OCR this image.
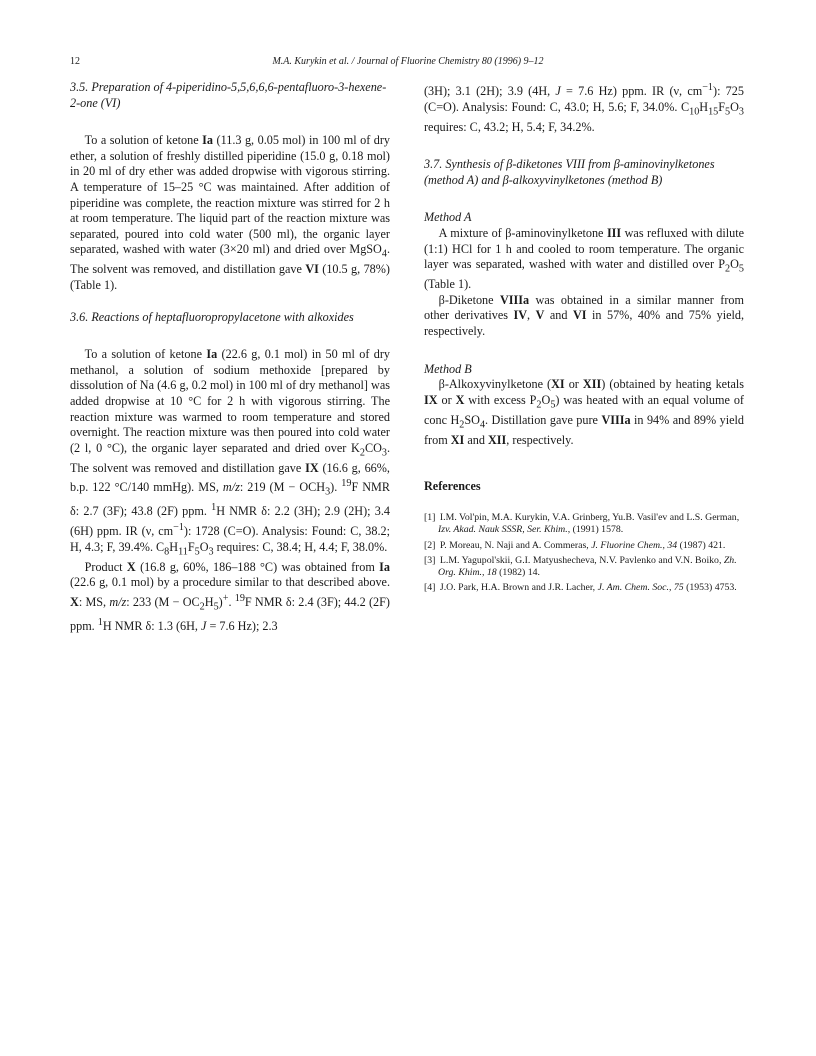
12	M.A. Kurykin et al. / Journal of Fluorine Chemistry 80 (1996) 9–12
3.5. Preparation of 4-piperidino-5,5,6,6,6-pentafluoro-3-hexene-2-one (VI)

To a solution of ketone Ia (11.3 g, 0.05 mol) in 100 ml of dry ether, a solution of freshly distilled piperidine (15.0 g, 0.18 mol) in 20 ml of dry ether was added dropwise with vigorous stirring. A temperature of 15–25 °C was maintained. After addition of piperidine was complete, the reaction mixture was stirred for 2 h at room temperature. The liquid part of the reaction mixture was separated, poured into cold water (500 ml), the organic layer separated, washed with water (3×20 ml) and dried over MgSO$_4$. The solvent was removed, and distillation gave VI (10.5 g, 78%) (Table 1).

3.6. Reactions of heptafluoropropylacetone with alkoxides

To a solution of ketone Ia (22.6 g, 0.1 mol) in 50 ml of dry methanol, a solution of sodium methoxide [prepared by dissolution of Na (4.6 g, 0.2 mol) in 100 ml of dry methanol] was added dropwise at 10 °C for 2 h with vigorous stirring. The reaction mixture was warmed to room temperature and stored overnight. The reaction mixture was then poured into cold water (2 l, 0 °C), the organic layer separated and dried over $K_2CO_3$. The solvent was removed and distillation gave IX (16.6 g, 66%, b.p. 122 °C/140 mmHg). MS, m/z: 219 $(M - OCH_3)$. $^{19}$F NMR δ: 2.7 (3F); 43.8 (2F) ppm. $^1$H NMR δ: 2.2 (3H); 2.9 (2H); 3.4 (6H) ppm. IR (ν, $cm^{-1}$): 1728 (C=O). Analysis: Found: C, 38.2; H, 4.3; F, 39.4%. $C_8H_{11}F_5O_3$ requires: C, 38.4; H, 4.4; F, 38.0%.

Product X (16.8 g, 60%, 186–188 °C) was obtained from Ia (22.6 g, 0.1 mol) by a procedure similar to that described above. X: MS, m/z: 233 $(M - OC_2H_5)^+$. $^{19}$F NMR δ: 2.4 (3F); 44.2 (2F) ppm. $^1$H NMR δ: 1.3 (6H, J = 7.6 Hz); 2.3

(3H); 3.1 (2H); 3.9 (4H, J = 7.6 Hz) ppm. IR (ν, $cm^{-1}$): 725 (C=O). Analysis: Found: C, 43.0; H, 5.6; F, 34.0%. $C_{10}H_{15}F_5O_3$ requires: C, 43.2; H, 5.4; F, 34.2%.

3.7. Synthesis of β-diketones VIII from β-aminovinylketones (method A) and β-alkoxyvinylketones (method B)
Method A

A mixture of β-aminovinylketone III was refluxed with dilute (1:1) HCl for 1 h and cooled to room temperature. The organic layer was separated, washed with water and distilled over $P_2O_5$ (Table 1).

β-Diketone VIIIa was obtained in a similar manner from other derivatives IV, V and VI in 57%, 40% and 75% yield, respectively.

Method B

β-Alkoxyvinylketone (XI or XII) (obtained by heating ketals IX or X with excess $P_2O_5$) was heated with an equal volume of conc $H_2SO_4$. Distillation gave pure VIIIa in 94% and 89% yield from XI and XII, respectively.

References
[1] I.M. Vol'pin, M.A. Kurykin, V.A. Grinberg, Yu.B. Vasil'ev and L.S. German, Izv. Akad. Nauk SSSR, Ser. Khim., (1991) 1578.
[2] P. Moreau, N. Naji and A. Commeras, J. Fluorine Chem., 34 (1987) 421.
[3] L.M. Yagupol'skii, G.I. Matyushecheva, N.V. Pavlenko and V.N. Boiko, Zh. Org. Khim., 18 (1982) 14.
[4] J.O. Park, H.A. Brown and J.R. Lacher, J. Am. Chem. Soc., 75 (1953) 4753.
